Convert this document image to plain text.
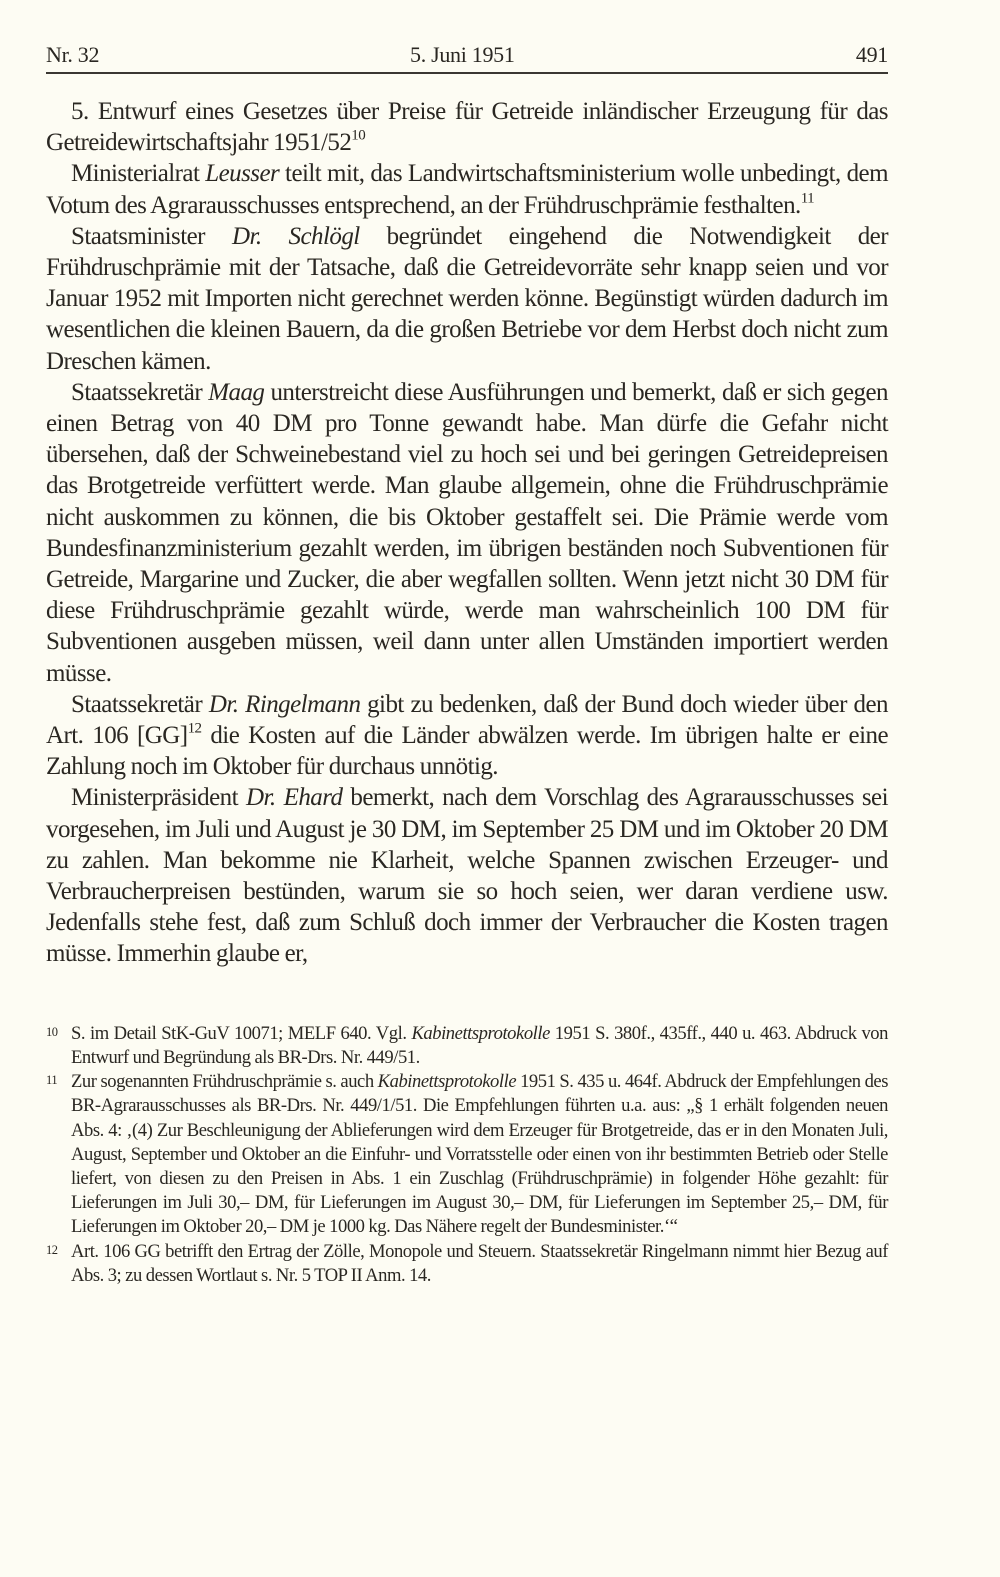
Nr. 32	5. Juni 1951	491

5. Entwurf eines Gesetzes über Preise für Getreide inländischer Erzeugung für das Getreidewirtschaftsjahr $1951/52^{10}$

Ministerialrat Leusser teilt mit, das Landwirtschaftsministerium wolle unbedingt, dem Votum des Agrarausschusses entsprechend, an der Frühdruschprämie festhalten.$^{11}$

Staatsminister Dr. Schlögl begründet eingehend die Notwendigkeit der Frühdruschprämie mit der Tatsache, daß die Getreidevorräte sehr knapp seien und vor Januar 1952 mit Importen nicht gerechnet werden könne. Begünstigt würden dadurch im wesentlichen die kleinen Bauern, da die großen Betriebe vor dem Herbst doch nicht zum Dreschen kämen.

Staatssekretär Maag unterstreicht diese Ausführungen und bemerkt, daß er sich gegen einen Betrag von 40 DM pro Tonne gewandt habe. Man dürfe die Gefahr nicht übersehen, daß der Schweinebestand viel zu hoch sei und bei geringen Getreidepreisen das Brotgetreide verfüttert werde. Man glaube allgemein, ohne die Frühdruschprämie nicht auskommen zu können, die bis Oktober gestaffelt sei. Die Prämie werde vom Bundesfinanzministerium gezahlt werden, im übrigen beständen noch Subventionen für Getreide, Margarine und Zucker, die aber wegfallen sollten. Wenn jetzt nicht 30 DM für diese Frühdruschprämie gezahlt würde, werde man wahrscheinlich 100 DM für Subventionen ausgeben müssen, weil dann unter allen Umständen importiert werden müsse.

Staatssekretär Dr. Ringelmann gibt zu bedenken, daß der Bund doch wieder über den Art. 106 [GG]$^{12}$ die Kosten auf die Länder abwälzen werde. Im übrigen halte er eine Zahlung noch im Oktober für durchaus unnötig.

Ministerpräsident Dr. Ehard bemerkt, nach dem Vorschlag des Agrarausschusses sei vorgesehen, im Juli und August je 30 DM, im September 25 DM und im Oktober 20 DM zu zahlen. Man bekomme nie Klarheit, welche Spannen zwischen Erzeuger- und Verbraucherpreisen bestünden, warum sie so hoch seien, wer daran verdiene usw. Jedenfalls stehe fest, daß zum Schluß doch immer der Verbraucher die Kosten tragen müsse. Immerhin glaube er,

10 S. im Detail StK-GuV 10071; MELF 640. Vgl. Kabinettsprotokolle 1951 S. 380f., 435ff., 440 u. 463. Abdruck von Entwurf und Begründung als BR-Drs. Nr. 449/51.

11 Zur sogenannten Frühdruschprämie s. auch Kabinettsprotokolle 1951 S. 435 u. 464f. Abdruck der Empfehlungen des BR-Agrarausschusses als BR-Drs. Nr. 449/1/51. Die Empfehlungen führten u.a. aus: „§ 1 erhält folgenden neuen Abs. 4: ‚(4) Zur Beschleunigung der Ablieferungen wird dem Erzeuger für Brotgetreide, das er in den Monaten Juli, August, September und Oktober an die Einfuhr- und Vorratsstelle oder einen von ihr bestimmten Betrieb oder Stelle liefert, von diesen zu den Preisen in Abs. 1 ein Zuschlag (Frühdruschprämie) in folgender Höhe gezahlt: für Lieferungen im Juli 30,– DM, für Lieferungen im August 30,– DM, für Lieferungen im September 25,– DM, für Lieferungen im Oktober 20,– DM je 1000 kg. Das Nähere regelt der Bundesminister.‘“

12 Art. 106 GG betrifft den Ertrag der Zölle, Monopole und Steuern. Staatssekretär Ringelmann nimmt hier Bezug auf Abs. 3; zu dessen Wortlaut s. Nr. 5 TOP II Anm. 14.
